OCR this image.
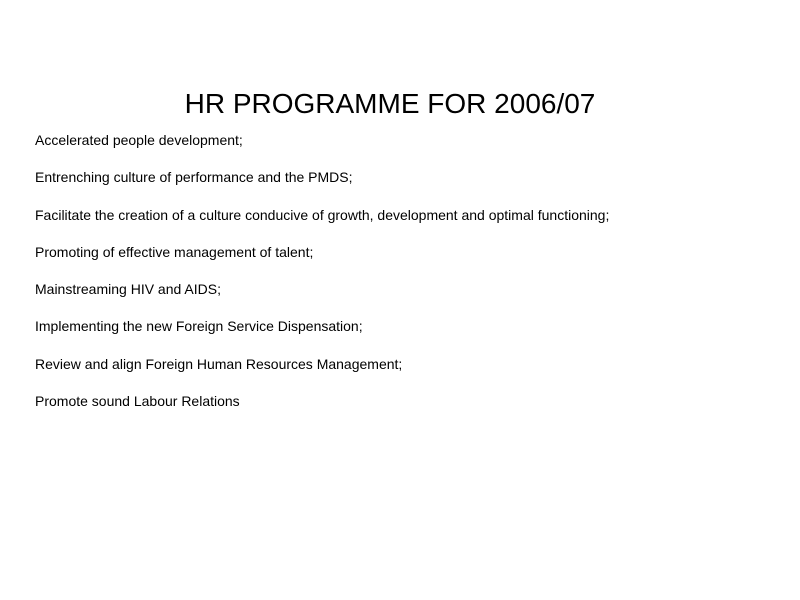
HR PROGRAMME FOR 2006/07
Accelerated people development;
Entrenching culture of performance and the PMDS;
Facilitate the creation of a culture conducive of growth, development and optimal functioning;
Promoting of effective management of talent;
Mainstreaming HIV and AIDS;
Implementing the new Foreign Service Dispensation;
Review and align Foreign Human Resources Management;
Promote sound Labour Relations
